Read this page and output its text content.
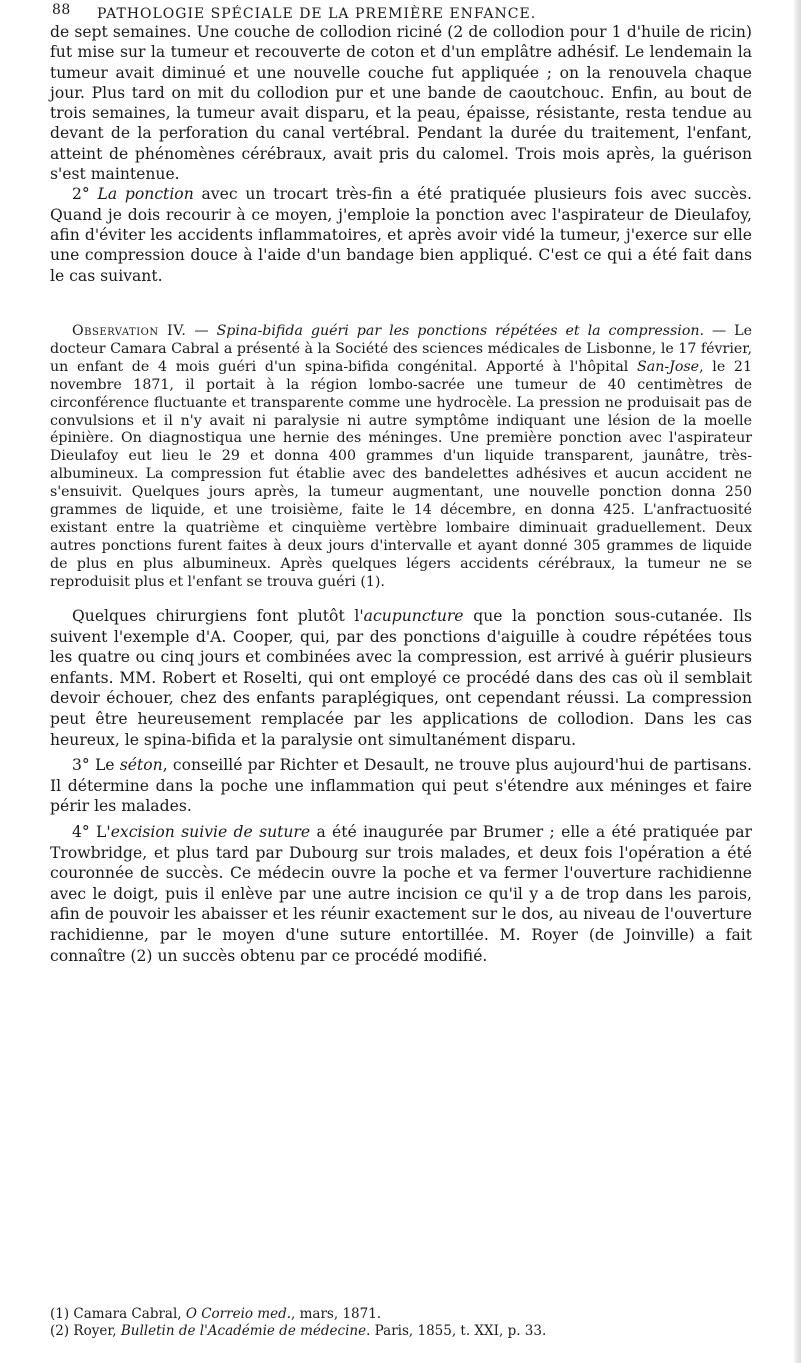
88 PATHOLOGIE SPÉCIALE DE LA PREMIÈRE ENFANCE.

de sept semaines. Une couche de collodion riciné (2 de collodion pour 1 d'huile de ricin) fut mise sur la tumeur et recouverte de coton et d'un emplâtre adhésif. Le lendemain la tumeur avait diminué et une nouvelle couche fut appliquée ; on la renouvela chaque jour. Plus tard on mit du collodion pur et une bande de caoutchouc. Enfin, au bout de trois semaines, la tumeur avait disparu, et la peau, épaisse, résistante, resta tendue au devant de la perforation du canal vertébral. Pendant la durée du traitement, l'enfant, atteint de phénomènes cérébraux, avait pris du calomel. Trois mois après, la guérison s'est maintenue.

2° La ponction avec un trocart très-fin a été pratiquée plusieurs fois avec succès. Quand je dois recourir à ce moyen, j'emploie la ponction avec l'aspirateur de Dieulafoy, afin d'éviter les accidents inflammatoires, et après avoir vidé la tumeur, j'exerce sur elle une compression douce à l'aide d'un bandage bien appliqué. C'est ce qui a été fait dans le cas suivant.

Observation IV. — Spina-bifida guéri par les ponctions répétées et la compression. — Le docteur Camara Cabral a présenté à la Société des sciences médicales de Lisbonne, le 17 février, un enfant de 4 mois guéri d'un spina-bifida congénital. Apporté à l'hôpital San-Jose, le 21 novembre 1871, il portait à la région lombo-sacrée une tumeur de 40 centimètres de circonférence fluctuante et transparente comme une hydrocèle. La pression ne produisait pas de convulsions et il n'y avait ni paralysie ni autre symptôme indiquant une lésion de la moelle épinière. On diagnostiqua une hernie des méninges. Une première ponction avec l'aspirateur Dieulafoy eut lieu le 29 et donna 400 grammes d'un liquide transparent, jaunâtre, très-albumineux. La compression fut établie avec des bandelettes adhésives et aucun accident ne s'ensuivit. Quelques jours après, la tumeur augmentant, une nouvelle ponction donna 250 grammes de liquide, et une troisième, faite le 14 décembre, en donna 425. L'anfractuosité existant entre la quatrième et cinquième vertèbre lombaire diminuait graduellement. Deux autres ponctions furent faites à deux jours d'intervalle et ayant donné 305 grammes de liquide de plus en plus albumineux. Après quelques légers accidents cérébraux, la tumeur ne se reproduisit plus et l'enfant se trouva guéri (1).

Quelques chirurgiens font plutôt l'acupuncture que la ponction sous-cutanée. Ils suivent l'exemple d'A. Cooper, qui, par des ponctions d'aiguille à coudre répétées tous les quatre ou cinq jours et combinées avec la compression, est arrivé à guérir plusieurs enfants. MM. Robert et Roselti, qui ont employé ce procédé dans des cas où il semblait devoir échouer, chez des enfants paraplégiques, ont cependant réussi. La compression peut être heureusement remplacée par les applications de collodion. Dans les cas heureux, le spina-bifida et la paralysie ont simultanément disparu.

3° Le séton, conseillé par Richter et Desault, ne trouve plus aujourd'hui de partisans. Il détermine dans la poche une inflammation qui peut s'étendre aux méninges et faire périr les malades.

4° L'excision suivie de suture a été inaugurée par Brumer ; elle a été pratiquée par Trowbridge, et plus tard par Dubourg sur trois malades, et deux fois l'opération a été couronnée de succès. Ce médecin ouvre la poche et va fermer l'ouverture rachidienne avec le doigt, puis il enlève par une autre incision ce qu'il y a de trop dans les parois, afin de pouvoir les abaisser et les réunir exactement sur le dos, au niveau de l'ouverture rachidienne, par le moyen d'une suture entortillée. M. Royer (de Joinville) a fait connaître (2) un succès obtenu par ce procédé modifié.

(1) Camara Cabral, O Correio med., mars, 1871.
(2) Royer, Bulletin de l'Académie de médecine. Paris, 1855, t. XXI, p. 33.
